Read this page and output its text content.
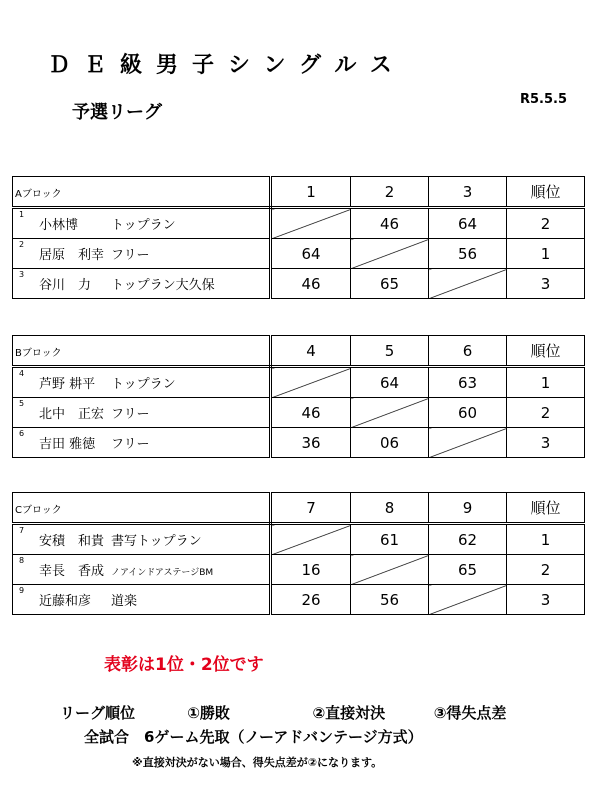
ＤＥ級男子シングルス
予選リーグ
R5.5.5
Aブロック	1	2	3	順位
1小林博 トップラン		46	64	2
2居原　利幸 フリー	64		56	1
3谷川　力 トップラン大久保	46	65		3
Bブロック	4	5	6	順位
4芦野 耕平 トップラン		64	63	1
5北中　正宏 フリー	46		60	2
6吉田 雅徳 フリー	36	06		3
Cブロック	7	8	9	順位
7安積　和貴 書写トップラン		61	62	1
8幸長　香成 ノアインドアステージBM	16		65	2
9近藤和彦 道楽	26	56		3
表彰は1位・2位です
リーグ順位	①勝敗	②直接対決	③得失点差
全試合　6ゲーム先取（ノーアドバンテージ方式）
※直接対決がない場合、得失点差が②になります。
